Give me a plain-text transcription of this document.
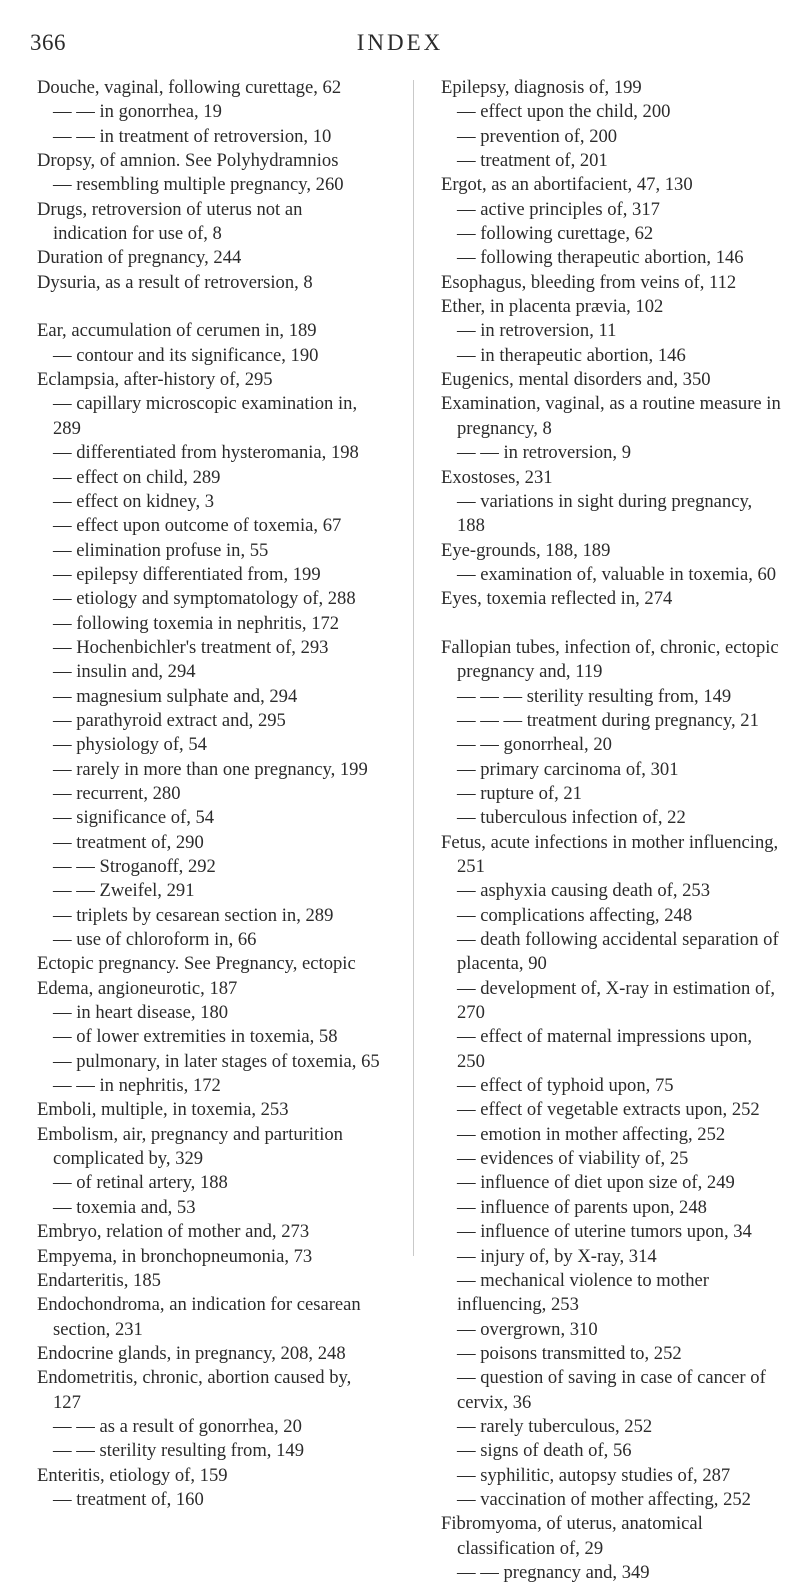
366	INDEX
Douche, vaginal, following curettage, 62
— — in gonorrhea, 19
— — in treatment of retroversion, 10
Dropsy, of amnion. See Polyhydramnios
— resembling multiple pregnancy, 260
Drugs, retroversion of uterus not an indication for use of, 8
Duration of pregnancy, 244
Dysuria, as a result of retroversion, 8
Ear, accumulation of cerumen in, 189
— contour and its significance, 190
Eclampsia, after-history of, 295
— capillary microscopic examination in, 289
— differentiated from hysteromania, 198
— effect on child, 289
— effect on kidney, 3
— effect upon outcome of toxemia, 67
— elimination profuse in, 55
— epilepsy differentiated from, 199
— etiology and symptomatology of, 288
— following toxemia in nephritis, 172
— Hochenbichler's treatment of, 293
— insulin and, 294
— magnesium sulphate and, 294
— parathyroid extract and, 295
— physiology of, 54
— rarely in more than one pregnancy, 199
— recurrent, 280
— significance of, 54
— treatment of, 290
— — Stroganoff, 292
— — Zweifel, 291
— triplets by cesarean section in, 289
— use of chloroform in, 66
Ectopic pregnancy. See Pregnancy, ectopic
Edema, angioneurotic, 187
— in heart disease, 180
— of lower extremities in toxemia, 58
— pulmonary, in later stages of toxemia, 65
— — in nephritis, 172
Emboli, multiple, in toxemia, 253
Embolism, air, pregnancy and parturition complicated by, 329
— of retinal artery, 188
— toxemia and, 53
Embryo, relation of mother and, 273
Empyema, in bronchopneumonia, 73
Endarteritis, 185
Endochondroma, an indication for cesarean section, 231
Endocrine glands, in pregnancy, 208, 248
Endometritis, chronic, abortion caused by, 127
— — as a result of gonorrhea, 20
— — sterility resulting from, 149
Enteritis, etiology of, 159
— treatment of, 160
Epilepsy, diagnosis of, 199
— effect upon the child, 200
— prevention of, 200
— treatment of, 201
Ergot, as an abortifacient, 47, 130
— active principles of, 317
— following curettage, 62
— following therapeutic abortion, 146
Esophagus, bleeding from veins of, 112
Ether, in placenta prævia, 102
— in retroversion, 11
— in therapeutic abortion, 146
Eugenics, mental disorders and, 350
Examination, vaginal, as a routine measure in pregnancy, 8
— — in retroversion, 9
Exostoses, 231
— variations in sight during pregnancy, 188
Eye-grounds, 188, 189
— examination of, valuable in toxemia, 60
Eyes, toxemia reflected in, 274
Fallopian tubes, infection of, chronic, ectopic pregnancy and, 119
— — — sterility resulting from, 149
— — — treatment during pregnancy, 21
— — gonorrheal, 20
— primary carcinoma of, 301
— rupture of, 21
— tuberculous infection of, 22
Fetus, acute infections in mother influencing, 251
— asphyxia causing death of, 253
— complications affecting, 248
— death following accidental separation of placenta, 90
— development of, X-ray in estimation of, 270
— effect of maternal impressions upon, 250
— effect of typhoid upon, 75
— effect of vegetable extracts upon, 252
— emotion in mother affecting, 252
— evidences of viability of, 25
— influence of diet upon size of, 249
— influence of parents upon, 248
— influence of uterine tumors upon, 34
— injury of, by X-ray, 314
— mechanical violence to mother influencing, 253
— overgrown, 310
— poisons transmitted to, 252
— question of saving in case of cancer of cervix, 36
— rarely tuberculous, 252
— signs of death of, 56
— syphilitic, autopsy studies of, 287
— vaccination of mother affecting, 252
Fibromyoma, of uterus, anatomical classification of, 29
— — pregnancy and, 349
